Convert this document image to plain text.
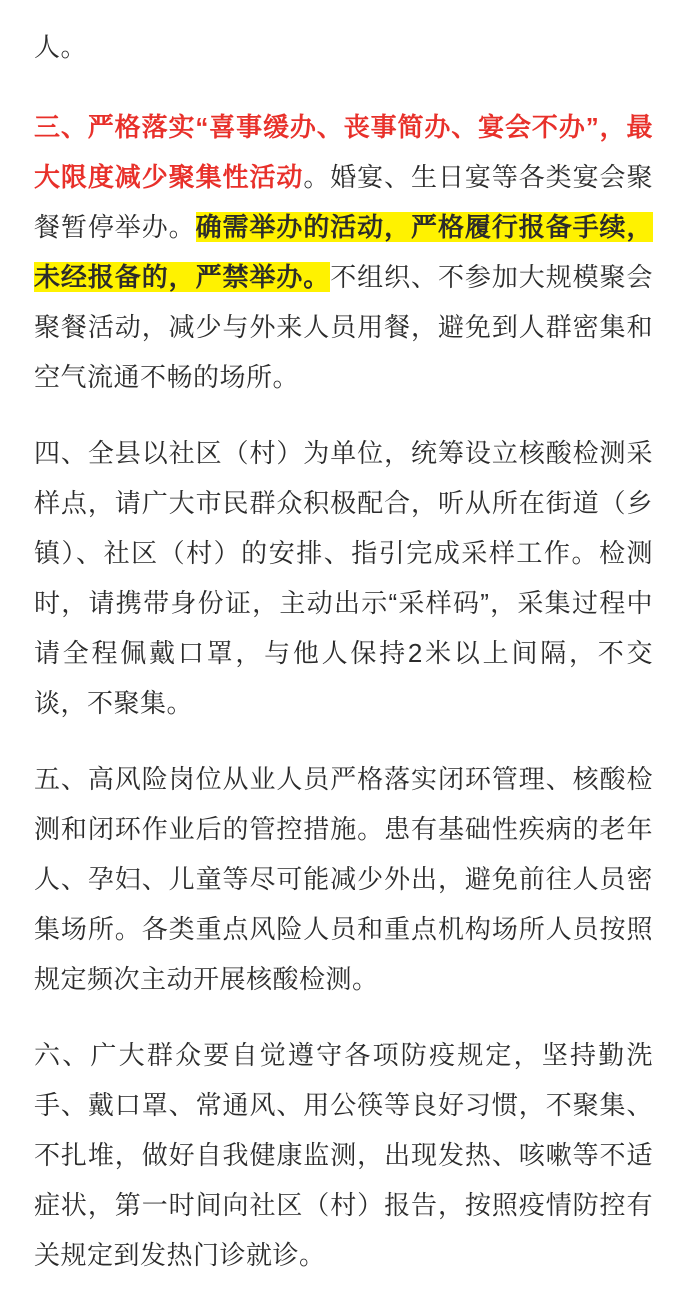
人。

三、严格落实“喜事缓办、丧事简办、宴会不办”，最大限度减少聚集性活动。婚宴、生日宴等各类宴会聚餐暂停举办。确需举办的活动，严格履行报备手续，未经报备的，严禁举办。不组织、不参加大规模聚会聚餐活动，减少与外来人员用餐，避免到人群密集和空气流通不畅的场所。

四、全县以社区（村）为单位，统筹设立核酸检测采样点，请广大市民群众积极配合，听从所在街道（乡镇）、社区（村）的安排、指引完成采样工作。检测时，请携带身份证，主动出示“采样码”，采集过程中请全程佩戴口罩，与他人保持2米以上间隔，不交谈，不聚集。

五、高风险岗位从业人员严格落实闭环管理、核酸检测和闭环作业后的管控措施。患有基础性疾病的老年人、孕妇、儿童等尽可能减少外出，避免前往人员密集场所。各类重点风险人员和重点机构场所人员按照规定频次主动开展核酸检测。

六、广大群众要自觉遵守各项防疫规定，坚持勤洗手、戴口罩、常通风、用公筷等良好习惯，不聚集、不扎堆，做好自我健康监测，出现发热、咳嗽等不适症状，第一时间向社区（村）报告，按照疫情防控有关规定到发热门诊就诊。
